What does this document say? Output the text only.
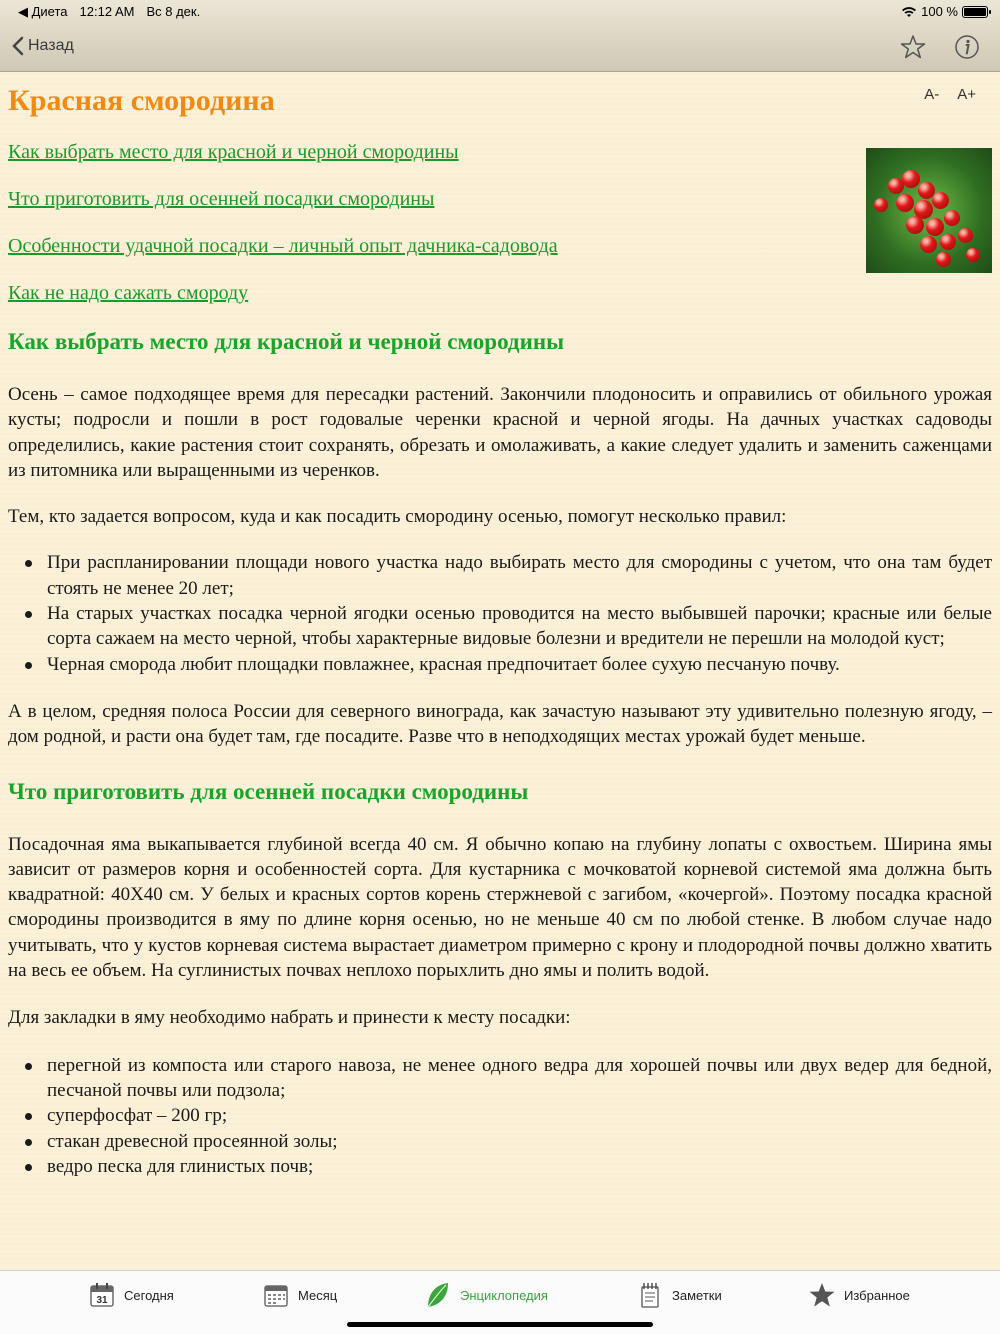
◀ Диета 12:12 AM Вс 8 дек.	100 %
Назад
A- A+
Красная смородина
Как выбрать место для красной и черной смородины
Что приготовить для осенней посадки смородины
Особенности удачной посадки – личный опыт дачника-садовода
Как не надо сажать смороду
Как выбрать место для красной и черной смородины

Осень – самое подходящее время для пересадки растений. Закончили плодоносить и оправились от обильного урожая кусты; подросли и пошли в рост годовалые черенки красной и черной ягоды. На дачных участках садоводы определились, какие растения стоит сохранять, обрезать и омолаживать, а какие следует удалить и заменить саженцами из питомника или выращенными из черенков.

Тем, кто задается вопросом, куда и как посадить смородину осенью, помогут несколько правил:

При распланировании площади нового участка надо выбирать место для смородины с учетом, что она там будет стоять не менее 20 лет;
На старых участках посадка черной ягодки осенью проводится на место выбывшей парочки; красные или белые сорта сажаем на место черной, чтобы характерные видовые болезни и вредители не перешли на молодой куст;
Черная сморода любит площадки повлажнее, красная предпочитает более сухую песчаную почву.

А в целом, средняя полоса России для северного винограда, как зачастую называют эту удивительно полезную ягоду, – дом родной, и расти она будет там, где посадите. Разве что в неподходящих местах урожай будет меньше.

Что приготовить для осенней посадки смородины

Посадочная яма выкапывается глубиной всегда 40 см. Я обычно копаю на глубину лопаты с охвостьем. Ширина ямы зависит от размеров корня и особенностей сорта. Для кустарника с мочковатой корневой системой яма должна быть квадратной: 40Х40 см. У белых и красных сортов корень стержневой с загибом, «кочергой». Поэтому посадка красной смородины производится в яму по длине корня осенью, но не меньше 40 см по любой стенке. В любом случае надо учитывать, что у кустов корневая система вырастает диаметром примерно с крону и плодородной почвы должно хватить на весь ее объем. На суглинистых почвах неплохо порыхлить дно ямы и полить водой.

Для закладки в яму необходимо набрать и принести к месту посадки:

перегной из компоста или старого навоза, не менее одного ведра для хорошей почвы или двух ведер для бедной, песчаной почвы или подзола;
суперфосфат – 200 гр;
стакан древесной просеянной золы;
ведро песка для глинистых почв;
31 Сегодня	Месяц	Энциклопедия	Заметки	Избранное
